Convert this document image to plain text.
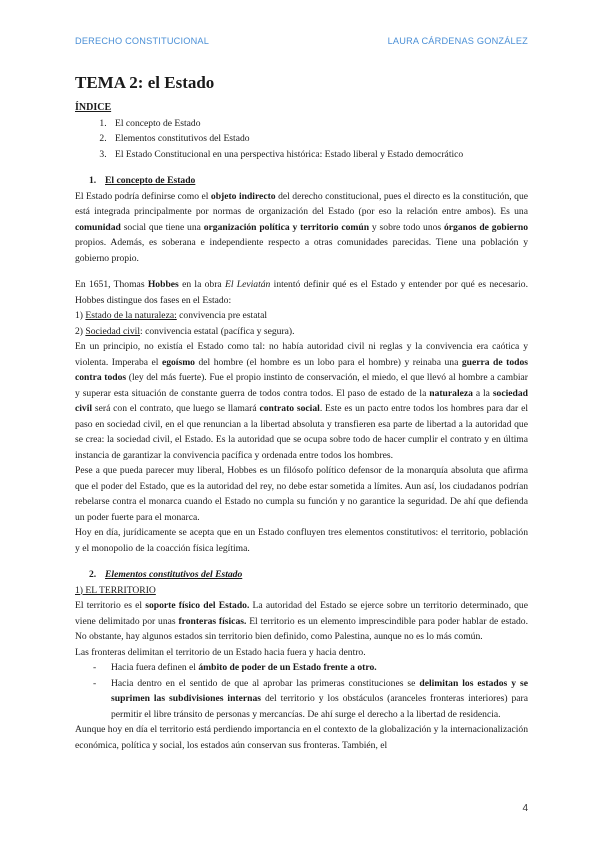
DERECHO CONSTITUCIONAL	LAURA CÁRDENAS GONZÁLEZ
TEMA 2: el Estado

ÍNDICE

1. El concepto de Estado
2. Elementos constitutivos del Estado
3. El Estado Constitucional en una perspectiva histórica: Estado liberal y Estado democrático

1. El concepto de Estado

El Estado podría definirse como el objeto indirecto del derecho constitucional, pues el directo es la constitución, que está integrada principalmente por normas de organización del Estado (por eso la relación entre ambos). Es una comunidad social que tiene una organización política y territorio común y sobre todo unos órganos de gobierno propios. Además, es soberana e independiente respecto a otras comunidades parecidas. Tiene una población y gobierno propio.

En 1651, Thomas Hobbes en la obra El Leviatán intentó definir qué es el Estado y entender por qué es necesario. Hobbes distingue dos fases en el Estado:

1) Estado de la naturaleza: convivencia pre estatal

2) Sociedad civil: convivencia estatal (pacífica y segura).

En un principio, no existía el Estado como tal: no había autoridad civil ni reglas y la convivencia era caótica y violenta. Imperaba el egoísmo del hombre (el hombre es un lobo para el hombre) y reinaba una guerra de todos contra todos (ley del más fuerte). Fue el propio instinto de conservación, el miedo, el que llevó al hombre a cambiar y superar esta situación de constante guerra de todos contra todos. El paso de estado de la naturaleza a la sociedad civil será con el contrato, que luego se llamará contrato social. Este es un pacto entre todos los hombres para dar el paso en sociedad civil, en el que renuncian a la libertad absoluta y transfieren esa parte de libertad a la autoridad que se crea: la sociedad civil, el Estado. Es la autoridad que se ocupa sobre todo de hacer cumplir el contrato y en última instancia de garantizar la convivencia pacífica y ordenada entre todos los hombres.

Pese a que pueda parecer muy liberal, Hobbes es un filósofo político defensor de la monarquía absoluta que afirma que el poder del Estado, que es la autoridad del rey, no debe estar sometida a límites. Aun así, los ciudadanos podrían rebelarse contra el monarca cuando el Estado no cumpla su función y no garantice la seguridad. De ahí que defienda un poder fuerte para el monarca.

Hoy en día, jurídicamente se acepta que en un Estado confluyen tres elementos constitutivos: el territorio, población y el monopolio de la coacción física legítima.

2. Elementos constitutivos del Estado

1) EL TERRITORIO

El territorio es el soporte físico del Estado. La autoridad del Estado se ejerce sobre un territorio determinado, que viene delimitado por unas fronteras físicas. El territorio es un elemento imprescindible para poder hablar de estado. No obstante, hay algunos estados sin territorio bien definido, como Palestina, aunque no es lo más común.

Las fronteras delimitan el territorio de un Estado hacia fuera y hacia dentro.

- Hacia fuera definen el ámbito de poder de un Estado frente a otro.
- Hacia dentro en el sentido de que al aprobar las primeras constituciones se delimitan los estados y se suprimen las subdivisiones internas del territorio y los obstáculos (aranceles fronteras interiores) para permitir el libre tránsito de personas y mercancías. De ahí surge el derecho a la libertad de residencia.

Aunque hoy en día el territorio está perdiendo importancia en el contexto de la globalización y la internacionalización económica, política y social, los estados aún conservan sus fronteras. También, el

4
